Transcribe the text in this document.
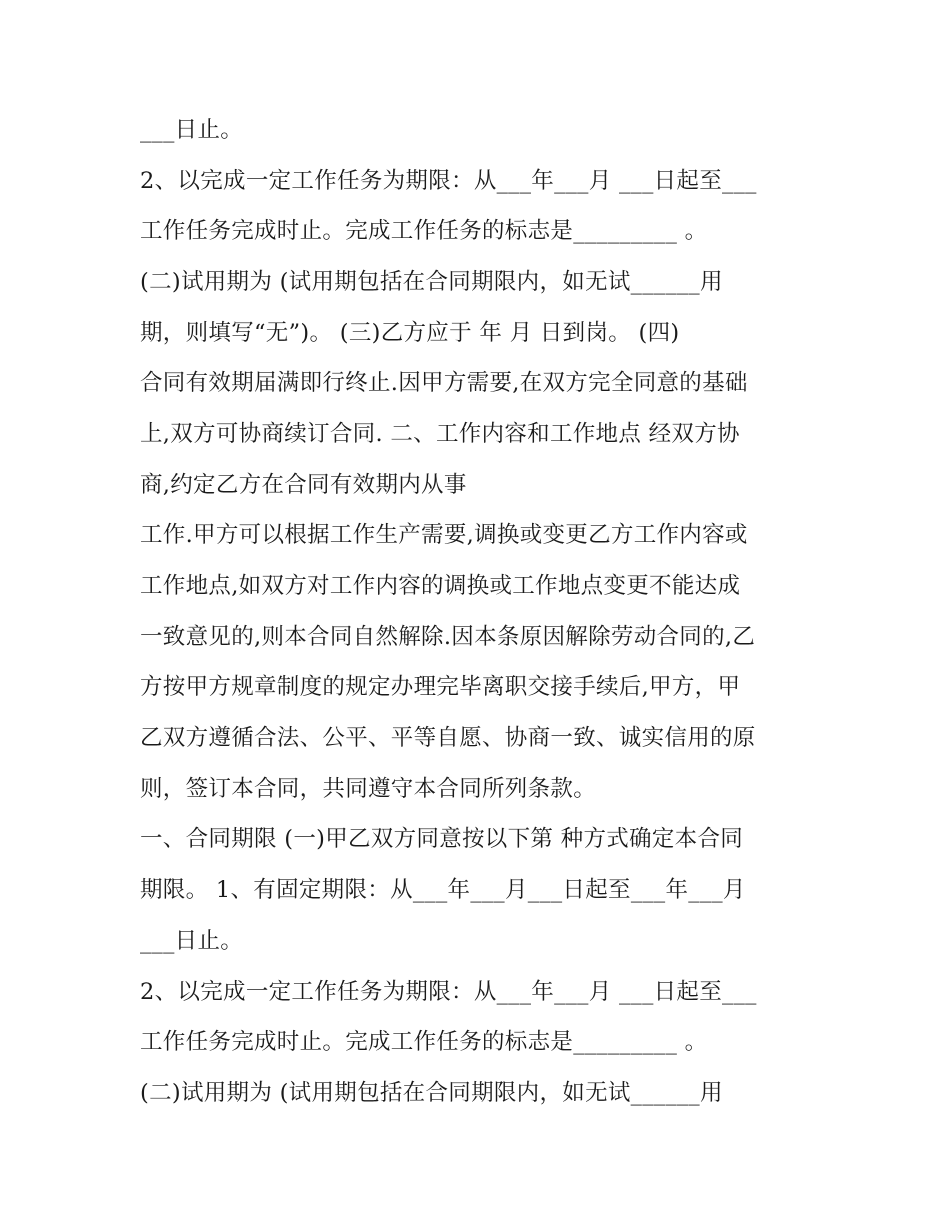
___日止。

2、以完成一定工作任务为期限：从___年___月 ___日起至___

工作任务完成时止。完成工作任务的标志是_________ 。

(二)试用期为 (试用期包括在合同期限内，如无试______用

期，则填写“无”)。 (三)乙方应于 年 月 日到岗。 (四)

合同有效期届满即行终止.因甲方需要,在双方完全同意的基础

上,双方可协商续订合同. 二、工作内容和工作地点 经双方协

商,约定乙方在合同有效期内从事

工作.甲方可以根据工作生产需要,调换或变更乙方工作内容或

工作地点,如双方对工作内容的调换或工作地点变更不能达成

一致意见的,则本合同自然解除.因本条原因解除劳动合同的,乙

方按甲方规章制度的规定办理完毕离职交接手续后,甲方，甲

乙双方遵循合法、公平、平等自愿、协商一致、诚实信用的原

则，签订本合同，共同遵守本合同所列条款。

一、合同期限 (一)甲乙双方同意按以下第 种方式确定本合同

期限。 1、有固定期限：从___年___月___日起至___年___月

___日止。

2、以完成一定工作任务为期限：从___年___月 ___日起至___

工作任务完成时止。完成工作任务的标志是_________ 。

(二)试用期为 (试用期包括在合同期限内，如无试______用
